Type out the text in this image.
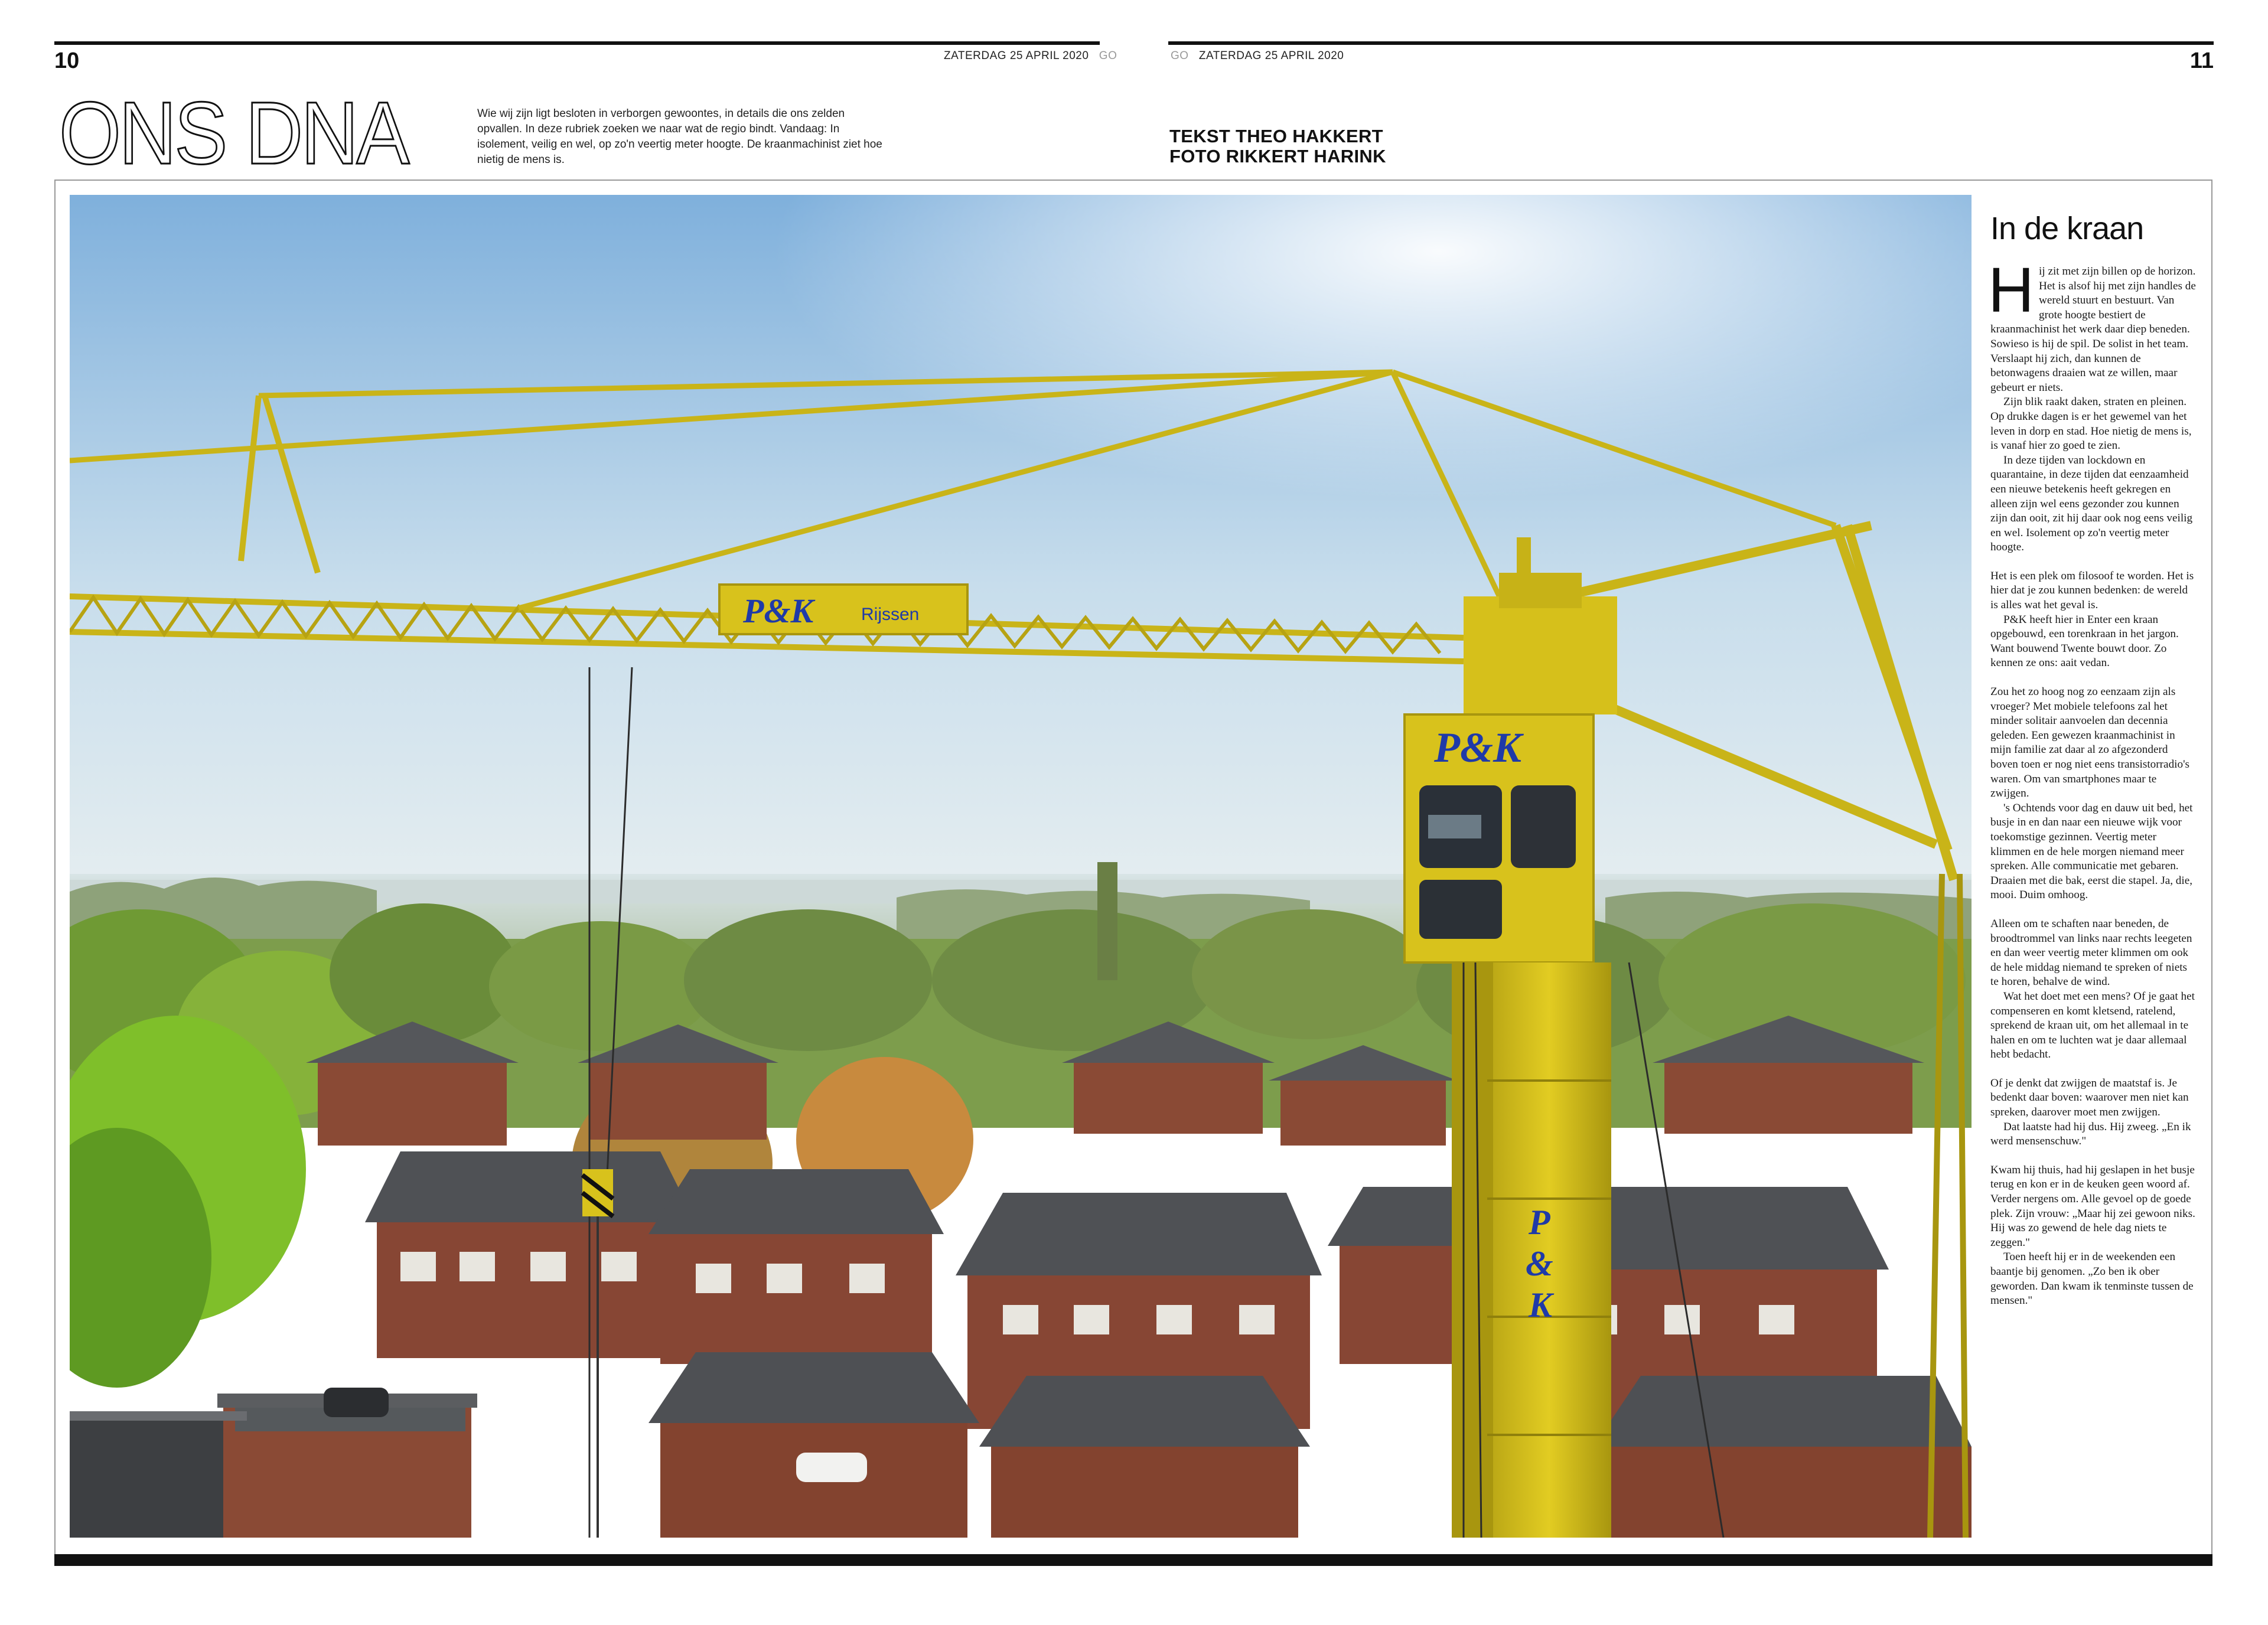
10	11
ZATERDAG 25 APRIL 2020 GO	GO ZATERDAG 25 APRIL 2020
ONS DNA	Wie wij zijn ligt besloten in verborgen gewoontes, in details die ons zelden opvallen. In deze rubriek zoeken we naar wat de regio bindt. Vandaag: In isolement, veilig en wel, op zo'n veertig meter hoogte. De kraanmachinist ziet hoe nietig de mens is.
TEKST THEO HAKKERT
FOTO RIKKERT HARINK
P&K	Rijssen
P&K
P
&
K
In de kraan

Hij zit met zijn billen op de horizon. Het is alsof hij met zijn handles de wereld stuurt en bestuurt. Van grote hoogte bestiert de kraanmachinist het werk daar diep beneden. Sowieso is hij de spil. De solist in het team. Verslaapt hij zich, dan kunnen de betonwagens draaien wat ze willen, maar gebeurt er niets.

Zijn blik raakt daken, straten en pleinen. Op drukke dagen is er het gewemel van het leven in dorp en stad. Hoe nietig de mens is, is vanaf hier zo goed te zien.

In deze tijden van lockdown en quarantaine, in deze tijden dat eenzaamheid een nieuwe betekenis heeft gekregen en alleen zijn wel eens gezonder zou kunnen zijn dan ooit, zit hij daar ook nog eens veilig en wel. Isolement op zo'n veertig meter hoogte.

Het is een plek om filosoof te worden. Het is hier dat je zou kunnen bedenken: de wereld is alles wat het geval is.

P&K heeft hier in Enter een kraan opgebouwd, een torenkraan in het jargon. Want bouwend Twente bouwt door. Zo kennen ze ons: aait vedan.

Zou het zo hoog nog zo eenzaam zijn als vroeger? Met mobiele telefoons zal het minder solitair aanvoelen dan decennia geleden. Een gewezen kraanmachinist in mijn familie zat daar al zo afgezonderd boven toen er nog niet eens transistorradio's waren. Om van smartphones maar te zwijgen.

's Ochtends voor dag en dauw uit bed, het busje in en dan naar een nieuwe wijk voor toekomstige gezinnen. Veertig meter klimmen en de hele morgen niemand meer spreken. Alle communicatie met gebaren. Draaien met die bak, eerst die stapel. Ja, die, mooi. Duim omhoog.

Alleen om te schaften naar beneden, de broodtrommel van links naar rechts leegeten en dan weer veertig meter klimmen om ook de hele middag niemand te spreken of niets te horen, behalve de wind.

Wat het doet met een mens? Of je gaat het compenseren en komt kletsend, ratelend, sprekend de kraan uit, om het allemaal in te halen en om te luchten wat je daar allemaal hebt bedacht.

Of je denkt dat zwijgen de maatstaf is. Je bedenkt daar boven: waarover men niet kan spreken, daarover moet men zwijgen.

Dat laatste had hij dus. Hij zweeg. „En ik werd mensenschuw."

Kwam hij thuis, had hij geslapen in het busje terug en kon er in de keuken geen woord af. Verder nergens om. Alle gevoel op de goede plek. Zijn vrouw: „Maar hij zei gewoon niks. Hij was zo gewend de hele dag niets te zeggen."

Toen heeft hij er in de weekenden een baantje bij genomen. „Zo ben ik ober geworden. Dan kwam ik tenminste tussen de mensen."
